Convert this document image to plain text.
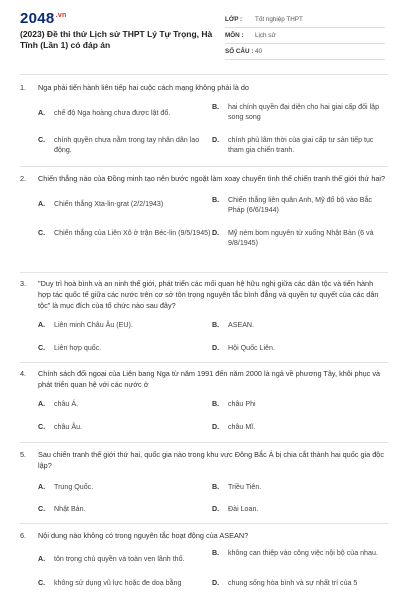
$2048^{.vn}$
(2023) Đề thi thử Lịch sử THPT Lý Tự Trọng, Hà Tĩnh (Lần 1) có đáp án
LỚP :	Tốt nghiệp THPT
MÔN :	Lịch sử
SỐ CÂU : 40
1.	Nga phải tiến hành liên tiếp hai cuộc cách mạng không phải là do
A.	chế độ Nga hoàng chưa được lật đổ.
B.	hai chính quyền đại diện cho hai giai cấp đối lập song song
C.	chính quyền chưa nằm trong tay nhân dân lao động.
D.	chính phủ lâm thời của giai cấp tư sản tiếp tục tham gia chiến tranh.
2.	Chiến thắng nào của Đồng minh tạo nên bước ngoặt làm xoay chuyển tình thế chiến tranh thế giới thứ hai?
A.	Chiến thắng Xta-lin-grat (2/2/1943)	B.	Chiến thắng liên quân Anh, Mỹ đổ bộ vào Bắc Pháp (6/6/1944)
C.	Chiến thắng của Liên Xô ở trận Béc-lin (9/5/1945) D.	Mỹ ném bom nguyên tử xuống Nhật Bản (6 và 9/8/1945)
3.	"Duy trì hoà bình và an ninh thế giới, phát triển các mối quan hệ hữu nghị giữa các dân tộc và tiến hành hợp tác quốc tế giữa các nước trên cơ sở tôn trọng nguyên tắc bình đẳng và quyền tự quyết của các dân tộc" là mục đích của tổ chức nào sau đây?
A.	Liên minh Châu Âu (EU).	B.	ASEAN.
C.	Liên hợp quốc.	D.	Hội Quốc Liên.
4.	Chính sách đối ngoại của Liên bang Nga từ năm 1991 đến năm 2000 là ngả về phương Tây, khôi phục và phát triển quan hệ với các nước ở
A.	châu Á.	B.	châu Phi
C.	châu Âu.	D.	châu Mĩ.
5.	Sau chiến tranh thế giới thứ hai, quốc gia nào trong khu vực Đông Bắc Á bị chia cắt thành hai quốc gia độc lập?
A.	Trung Quốc.	B.	Triều Tiên.
C.	Nhật Bản.	D.	Đài Loan.
6.	Nội dung nào không có trong nguyên tắc hoạt động của ASEAN?
A.	tôn trọng chủ quyền và toàn vẹn lãnh thổ.
B.	không can thiệp vào công việc nội bộ của nhau.
C.	không sử dụng vũ lực hoặc đe doạ bằng	D.	chung sống hòa bình và sự nhất trí của 5
